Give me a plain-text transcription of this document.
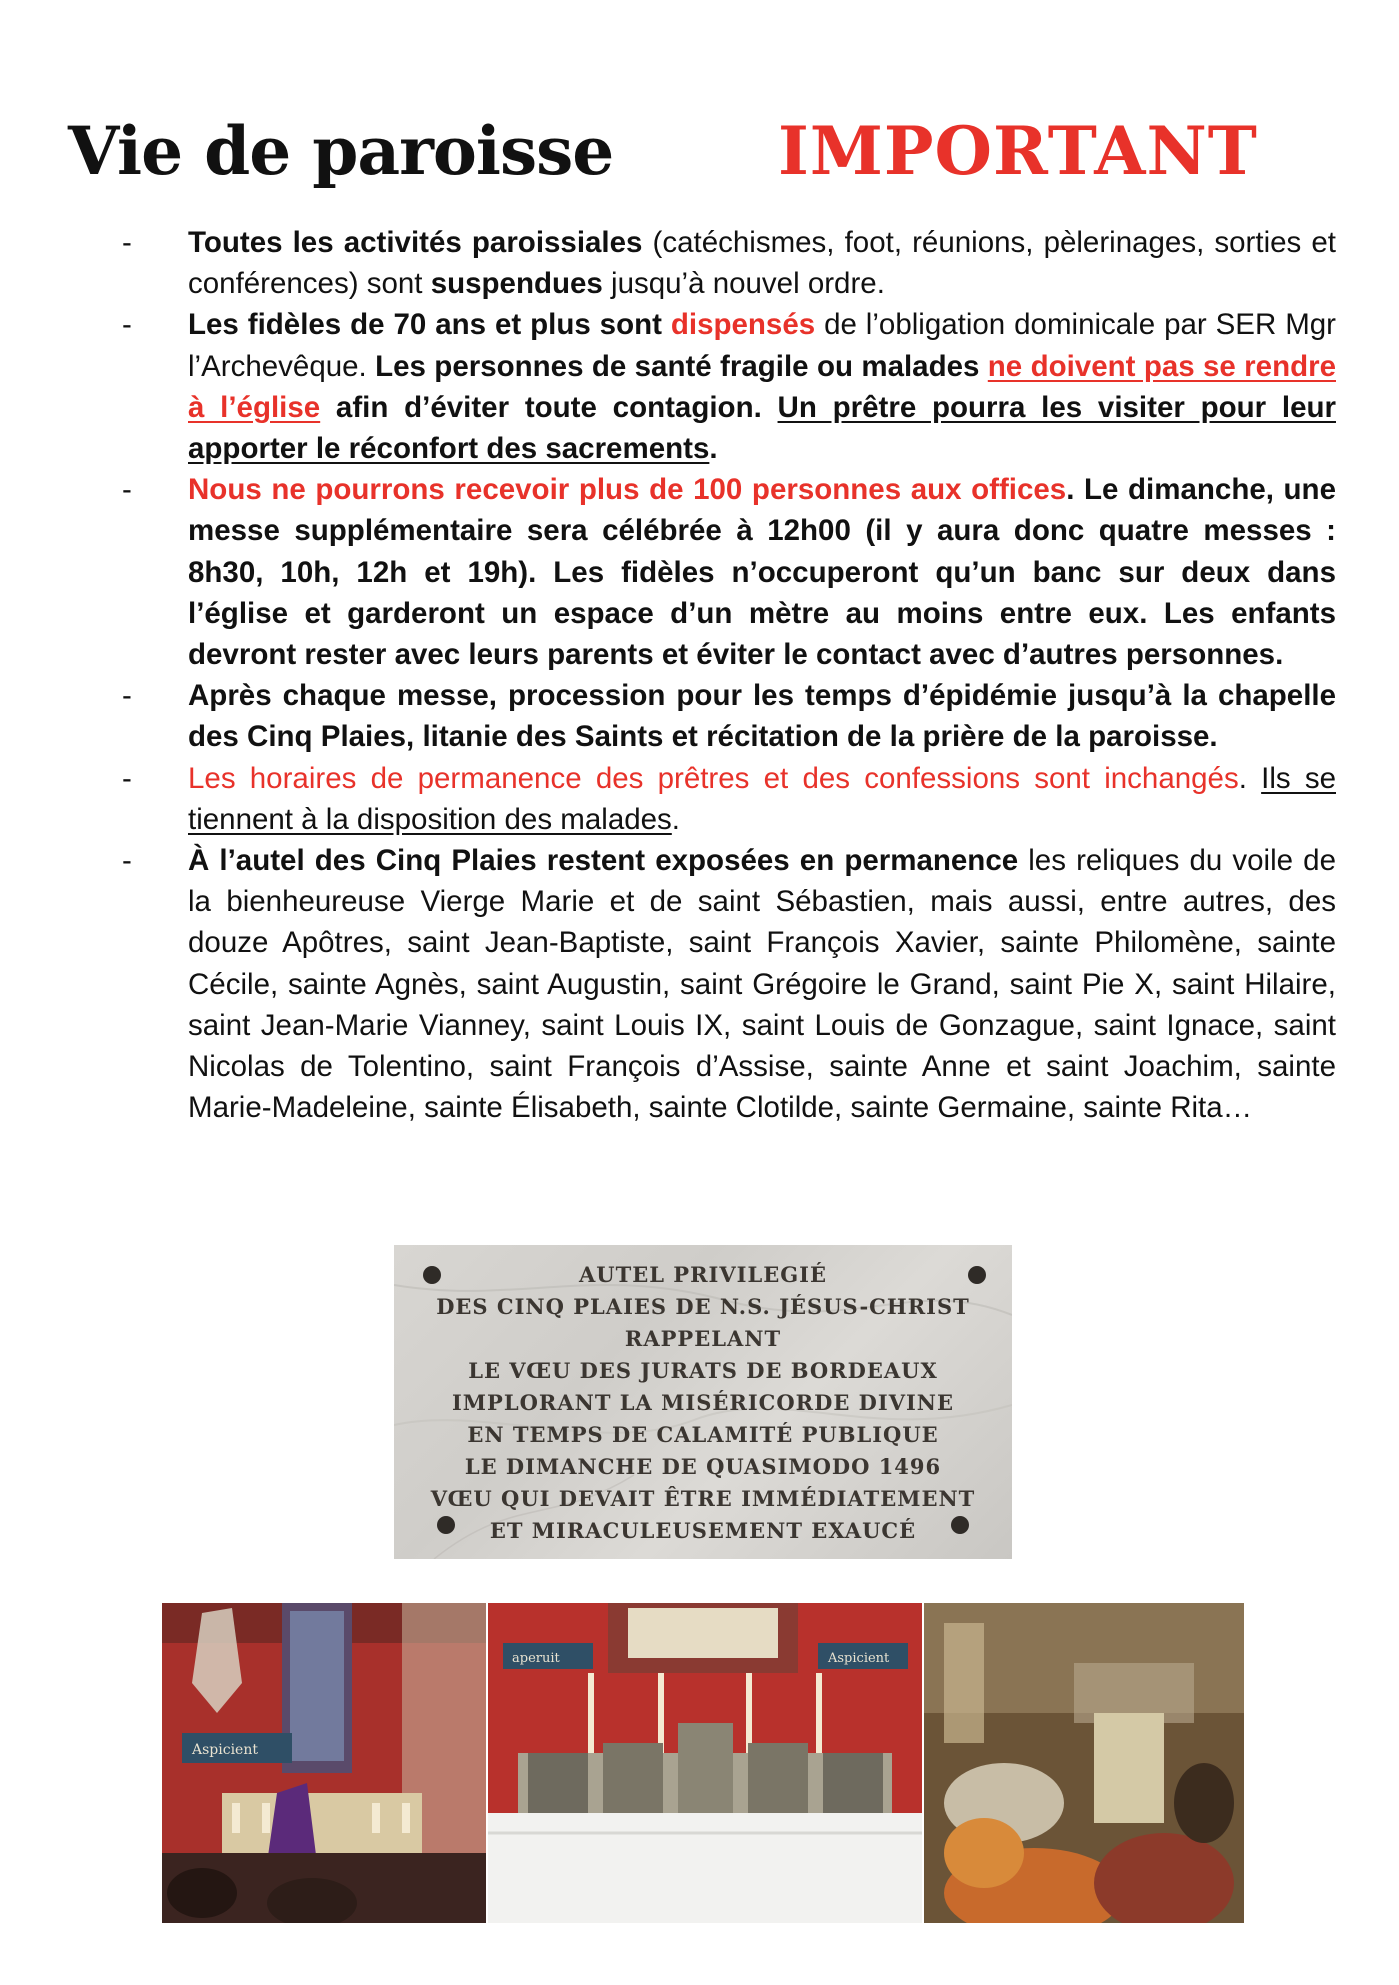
Vie de paroisse IMPORTANT
- Toutes les activités paroissiales (catéchismes, foot, réunions, pèlerinages, sorties et conférences) sont suspendues jusqu’à nouvel ordre.
- Les fidèles de 70 ans et plus sont dispensés de l’obligation dominicale par SER Mgr l’Archevêque. Les personnes de santé fragile ou malades ne doivent pas se rendre à l’église afin d’éviter toute contagion. Un prêtre pourra les visiter pour leur apporter le réconfort des sacrements.
- Nous ne pourrons recevoir plus de 100 personnes aux offices. Le dimanche, une messe supplémentaire sera célébrée à 12h00 (il y aura donc quatre messes : 8h30, 10h, 12h et 19h). Les fidèles n’occuperont qu’un banc sur deux dans l’église et garderont un espace d’un mètre au moins entre eux. Les enfants devront rester avec leurs parents et éviter le contact avec d’autres personnes.
- Après chaque messe, procession pour les temps d’épidémie jusqu’à la chapelle des Cinq Plaies, litanie des Saints et récitation de la prière de la paroisse.
- Les horaires de permanence des prêtres et des confessions sont inchangés. Ils se tiennent à la disposition des malades.
- À l’autel des Cinq Plaies restent exposées en permanence les reliques du voile de la bienheureuse Vierge Marie et de saint Sébastien, mais aussi, entre autres, des douze Apôtres, saint Jean-Baptiste, saint François Xavier, sainte Philomène, sainte Cécile, sainte Agnès, saint Augustin, saint Grégoire le Grand, saint Pie X, saint Hilaire, saint Jean-Marie Vianney, saint Louis IX, saint Louis de Gonzague, saint Ignace, saint Nicolas de Tolentino, saint François d’Assise, sainte Anne et saint Joachim, sainte Marie-Madeleine, sainte Élisabeth, sainte Clotilde, sainte Germaine, sainte Rita…
AUTEL PRIVILEGIÉ
DES CINQ PLAIES DE N.S. JÉSUS-CHRIST
RAPPELANT
LE VŒU DES JURATS DE BORDEAUX
IMPLORANT LA MISÉRICORDE DIVINE
EN TEMPS DE CALAMITÉ PUBLIQUE
LE DIMANCHE DE QUASIMODO 1496
VŒU QUI DEVAIT ÊTRE IMMÉDIATEMENT
ET MIRACULEUSEMENT EXAUCÉ
Aspicient
aperuit	Aspicient
